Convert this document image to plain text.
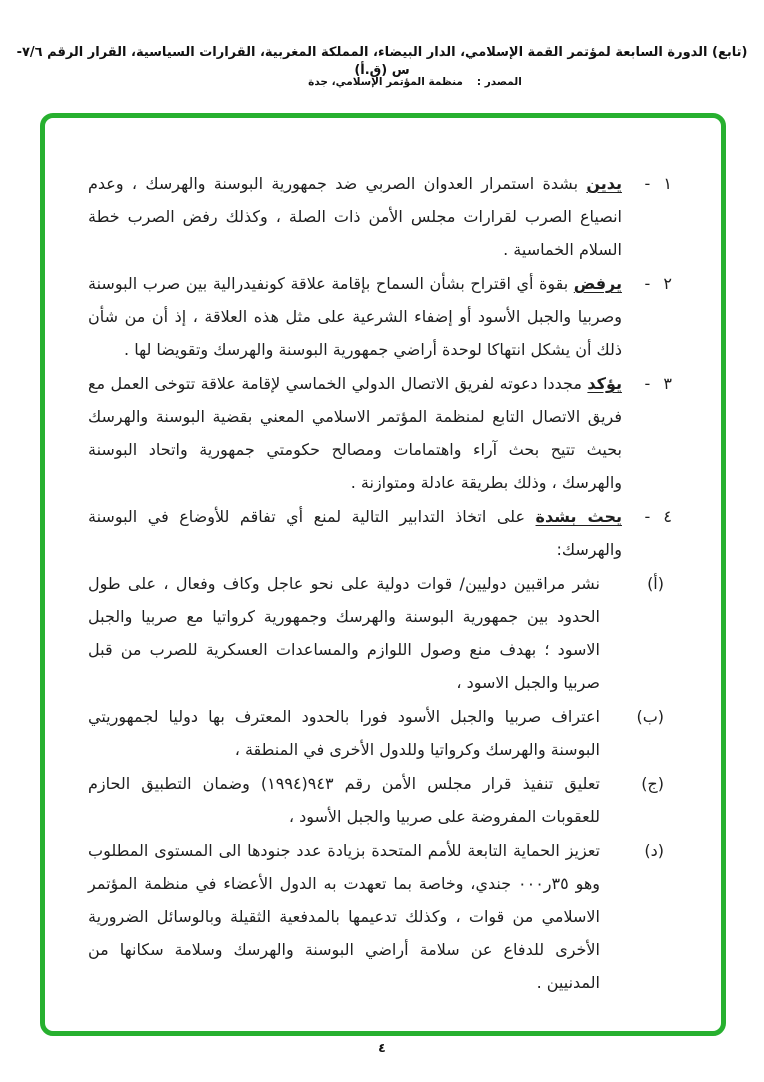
(تابع) الدورة السابعة لمؤتمر القمة الإسلامي، الدار البيضاء، المملكة المغربية، القرارات السياسية، القرار الرقم ٧/٦-س (ق.أ)
المصدر :منظمة المؤتمر الإسلامي، جدة
١ -

يدين بشدة استمرار العدوان الصربي ضد جمهورية البوسنة والهرسك ، وعدم انصياع الصرب لقرارات مجلس الأمن ذات الصلة ، وكذلك رفض الصرب خطة السلام الخماسية .

٢ -

يرفض بقوة أي اقتراح بشأن السماح بإقامة علاقة كونفيدرالية بين صرب البوسنة وصربيا والجبل الأسود أو إضفاء الشرعية على مثل هذه العلاقة ، إذ أن من شأن ذلك أن يشكل انتهاكا لوحدة أراضي جمهورية البوسنة والهرسك وتقويضا لها .

٣ -

يؤكد مجددا دعوته لفريق الاتصال الدولي الخماسي لإقامة علاقة تتوخى العمل مع فريق الاتصال التابع لمنظمة المؤتمر الاسلامي المعني بقضية البوسنة والهرسك بحيث تتيح بحث آراء واهتمامات ومصالح حكومتي جمهورية واتحاد البوسنة والهرسك ، وذلك بطريقة عادلة ومتوازنة .

٤ -

يحث بشدة على اتخاذ التدابير التالية لمنع أي تفاقم للأوضاع في البوسنة والهرسك:

(أ)

نشر مراقبين دوليين/ قوات دولية على نحو عاجل وكاف وفعال ، على طول الحدود بين جمهورية البوسنة والهرسك وجمهورية كرواتيا مع صربيا والجبل الاسود ؛ بهدف منع وصول اللوازم والمساعدات العسكرية للصرب من قبل صربيا والجبل الاسود ،

(ب)

اعتراف صربيا والجبل الأسود فورا بالحدود المعترف بها دوليا لجمهوريتي البوسنة والهرسك وكرواتيا وللدول الأخرى في المنطقة ،

(ج)

تعليق تنفيذ قرار مجلس الأمن رقم ٩٤٣(١٩٩٤) وضمان التطبيق الحازم للعقوبات المفروضة على صربيا والجبل الأسود ،

(د)

تعزيز الحماية التابعة للأمم المتحدة بزيادة عدد جنودها الى المستوى المطلوب وهو ٣٥ر٠٠٠ جندي، وخاصة بما تعهدت به الدول الأعضاء في منظمة المؤتمر الاسلامي من قوات ، وكذلك تدعيمها بالمدفعية الثقيلة وبالوسائل الضرورية الأخرى للدفاع عن سلامة أراضي البوسنة والهرسك وسلامة سكانها من المدنيين .

٤
